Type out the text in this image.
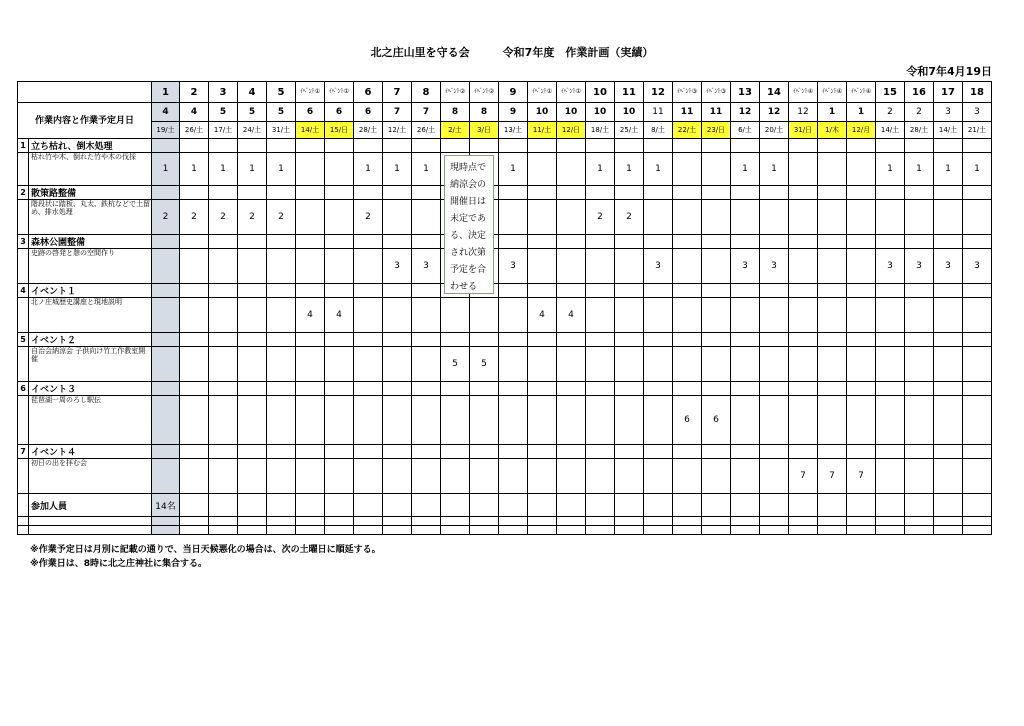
北之庄山里を守る会　　　令和7年度　作業計画（実績）
令和7年4月19日
		1	2	3	4	5	ｲﾍﾞﾝﾄ①	ｲﾍﾞﾝﾄ①	6	7	8	ｲﾍﾞﾝﾄ②	ｲﾍﾞﾝﾄ②	9	ｲﾍﾞﾝﾄ①	ｲﾍﾞﾝﾄ①	10	11	12	ｲﾍﾞﾝﾄ③	ｲﾍﾞﾝﾄ③	13	14	ｲﾍﾞﾝﾄ④	ｲﾍﾞﾝﾄ④	ｲﾍﾞﾝﾄ④	15	16	17	18
作業内容と作業予定月日		4	4	5	5	5	6	6	6	7	7	8	8	9	10	10	10	10	11	11	11	12	12	12	1	1	2	2	3	3
		19/土	26/土	17/土	24/土	31/土	14/土	15/日	28/土	12/土	26/土	2/土	3/日	13/土	11/土	12/日	18/土	25/土	8/土	22/土	23/日	6/土	20/土	31/日	1/木	12/月	14/土	28/土	14/土	21/土
1	立ち枯れ、倒木処理																													
	枯れ竹や木、倒れた竹や木の伐採	1	1	1	1	1			1	1	1			1			1	1	1			1	1				1	1	1	1
2	散策路整備																													
	階段状に踏板、丸太、鉄杭などで土留め、排水処理	2	2	2	2	2			2								2	2												
3	森林公園整備																													
	史跡の啓発と憩の空間作り									3	3			3					3			3	3				3	3	3	3
4	イベント１																													
	北ノ庄城歴史講座と現地説明						4	4							4	4														
5	イベント２																													
	自治会納涼会 子供向け竹工作教室開催											5	5																	
6	イベント３																													
	琵琶湖一周のろし駅伝																			6	6									
7	イベント４																													
	初日の出を拝む会																							7	7	7				
	参加人員	14名																												

現時点で納涼会の開催日は未定である、決定され次第予定を合わせる
※作業予定日は月別に記載の通りで、当日天候悪化の場合は、次の土曜日に順延する。
※作業日は、8時に北之庄神社に集合する。
